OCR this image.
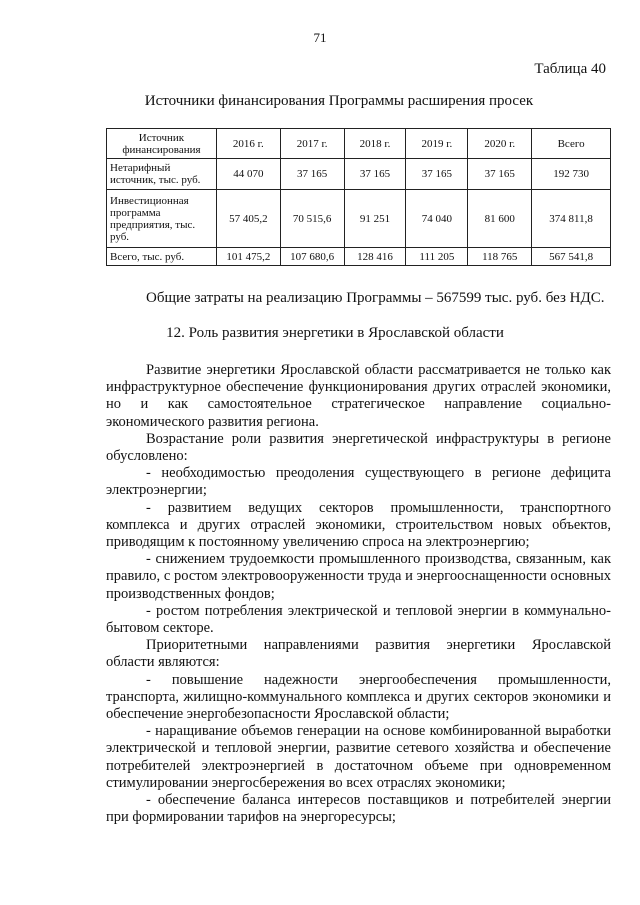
71
Таблица 40
Источники финансирования Программы расширения просек
Источник финансирования	2016 г.	2017 г.	2018 г.	2019 г.	2020 г.	Всего
Нетарифный источник, тыс. руб.	44 070	37 165	37 165	37 165	37 165	192 730
Инвестиционная программа предприятия, тыс. руб.	57 405,2	70 515,6	91 251	74 040	81 600	374 811,8
Всего, тыс. руб.	101 475,2	107 680,6	128 416	111 205	118 765	567 541,8
Общие затраты на реализацию Программы – 567599 тыс. руб. без НДС.
12. Роль развития энергетики в Ярославской области

Развитие энергетики Ярославской области рассматривается не только как инфраструктурное обеспечение функционирования других отраслей экономики, но и как самостоятельное стратегическое направление социально-экономического развития региона.

Возрастание роли развития энергетической инфраструктуры в регионе обусловлено:

- необходимостью преодоления существующего в регионе дефицита электроэнергии;

- развитием ведущих секторов промышленности, транспортного комплекса и других отраслей экономики, строительством новых объектов, приводящим к постоянному увеличению спроса на электроэнергию;

- снижением трудоемкости промышленного производства, связанным, как правило, с ростом электровооруженности труда и энергооснащенности основных производственных фондов;

- ростом потребления электрической и тепловой энергии в коммунально-бытовом секторе.

Приоритетными направлениями развития энергетики Ярославской области являются:

- повышение надежности энергообеспечения промышленности, транспорта, жилищно-коммунального комплекса и других секторов экономики и обеспечение энергобезопасности Ярославской области;

- наращивание объемов генерации на основе комбинированной выработки электрической и тепловой энергии, развитие сетевого хозяйства и обеспечение потребителей электроэнергией в достаточном объеме при одновременном стимулировании энергосбережения во всех отраслях экономики;

- обеспечение баланса интересов поставщиков и потребителей энергии при формировании тарифов на энергоресурсы;
